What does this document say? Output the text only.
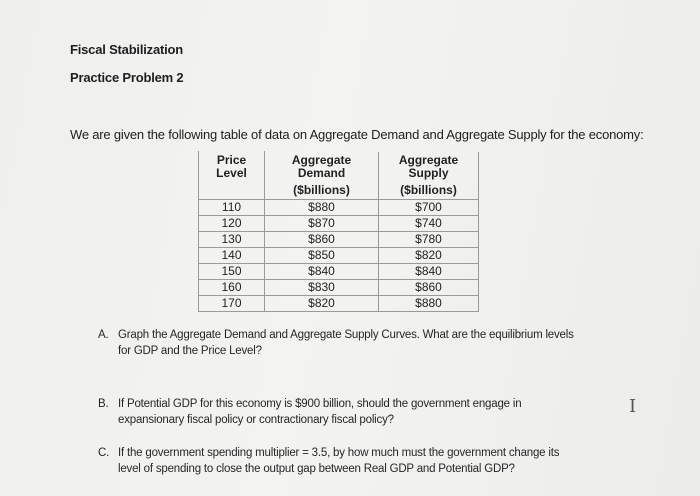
Fiscal Stabilization
Practice Problem 2
We are given the following table of data on Aggregate Demand and Aggregate Supply for the economy:
Price Level	Aggregate Demand	Aggregate Supply
	($billions)	($billions)
110	$880	$700
120	$870	$740
130	$860	$780
140	$850	$820
150	$840	$840
160	$830	$860
170	$820	$880
A. Graph the Aggregate Demand and Aggregate Supply Curves. What are the equilibrium levels
for GDP and the Price Level?
B. If Potential GDP for this economy is $900 billion, should the government engage in
expansionary fiscal policy or contractionary fiscal policy?
C. If the government spending multiplier = 3.5, by how much must the government change its
level of spending to close the output gap between Real GDP and Potential GDP?
I
